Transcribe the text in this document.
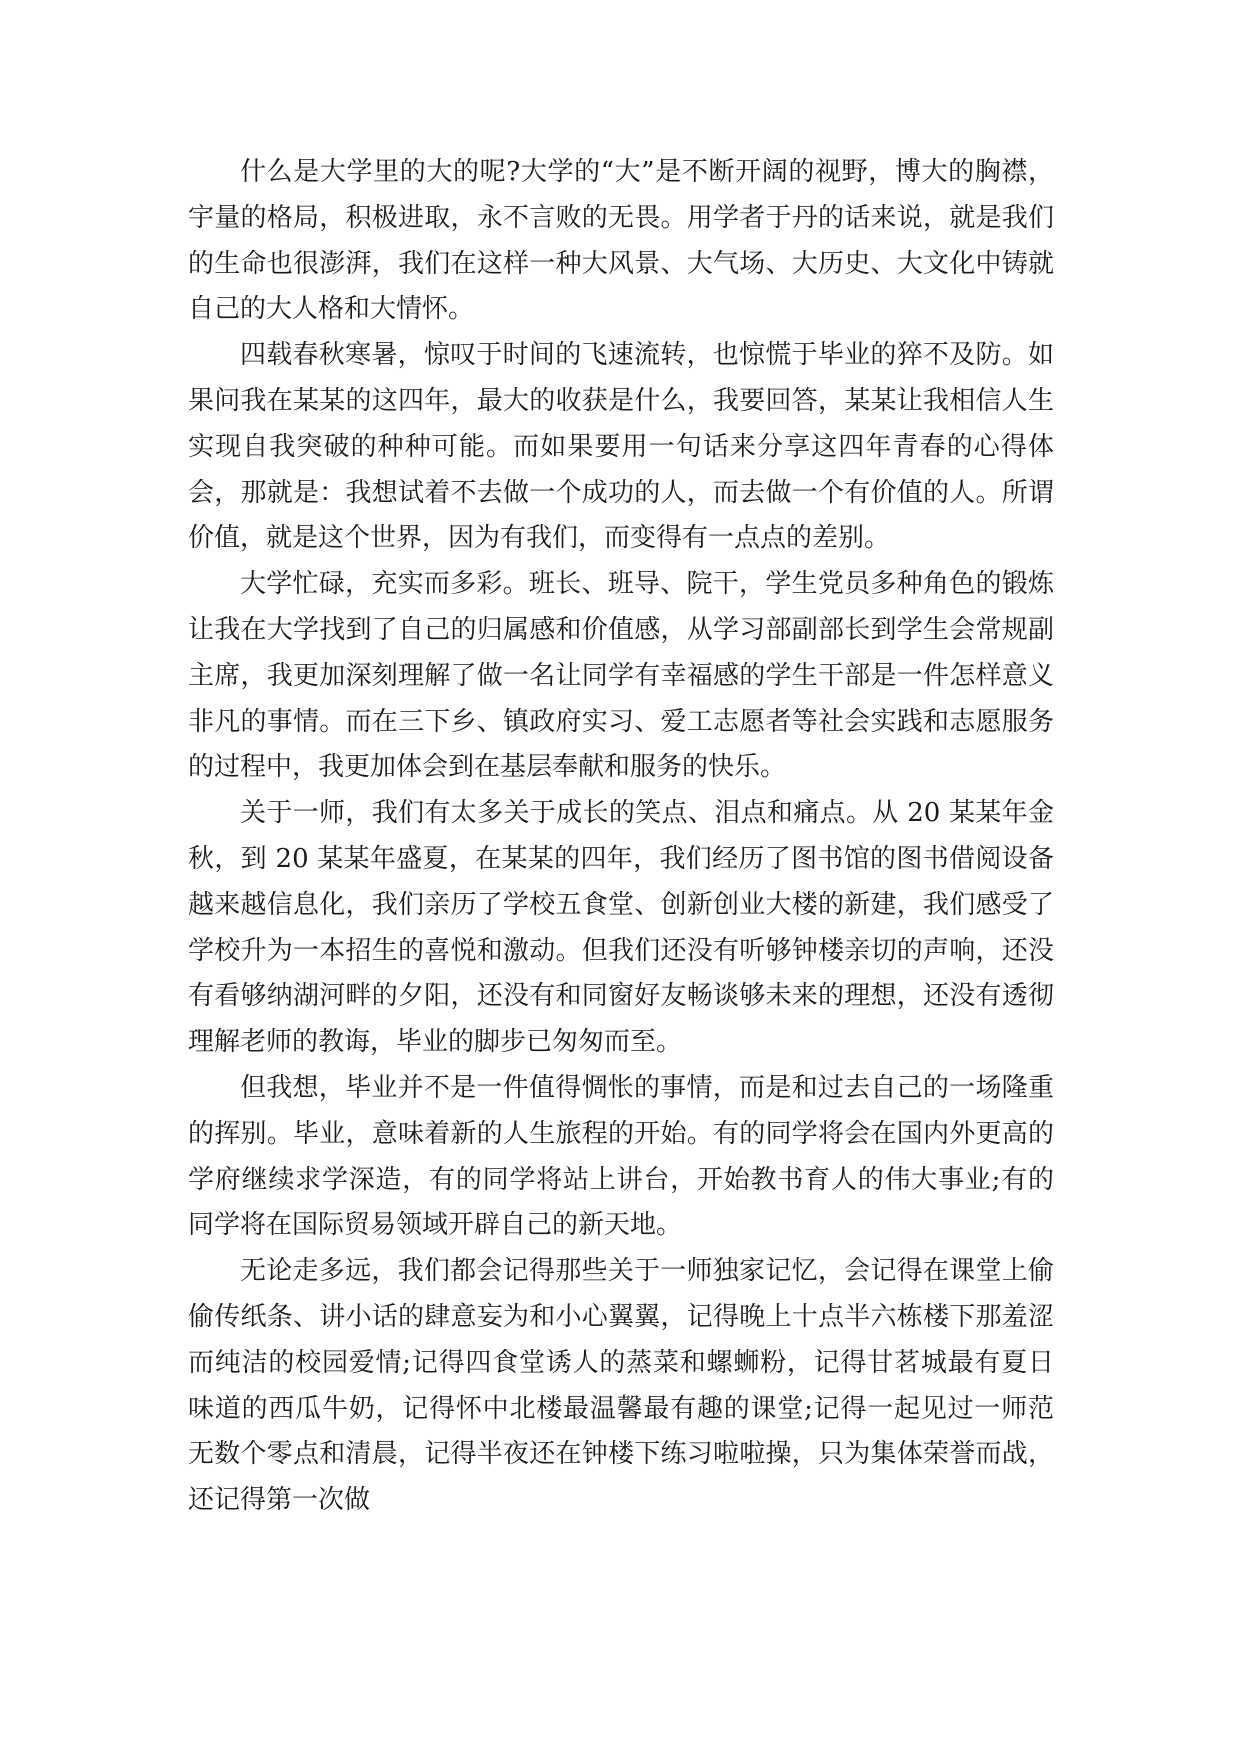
什么是大学里的大的呢?大学的“大”是不断开阔的视野，博大的胸襟，宇量的格局，积极进取，永不言败的无畏。用学者于丹的话来说，就是我们的生命也很澎湃，我们在这样一种大风景、大气场、大历史、大文化中铸就自己的大人格和大情怀。

四载春秋寒暑，惊叹于时间的飞速流转，也惊慌于毕业的猝不及防。如果问我在某某的这四年，最大的收获是什么，我要回答，某某让我相信人生实现自我突破的种种可能。而如果要用一句话来分享这四年青春的心得体会，那就是：我想试着不去做一个成功的人，而去做一个有价值的人。所谓价值，就是这个世界，因为有我们，而变得有一点点的差别。

大学忙碌，充实而多彩。班长、班导、院干，学生党员多种角色的锻炼让我在大学找到了自己的归属感和价值感，从学习部副部长到学生会常规副主席，我更加深刻理解了做一名让同学有幸福感的学生干部是一件怎样意义非凡的事情。而在三下乡、镇政府实习、爱工志愿者等社会实践和志愿服务的过程中，我更加体会到在基层奉献和服务的快乐。

关于一师，我们有太多关于成长的笑点、泪点和痛点。从 20 某某年金秋，到 20 某某年盛夏，在某某的四年，我们经历了图书馆的图书借阅设备越来越信息化，我们亲历了学校五食堂、创新创业大楼的新建，我们感受了学校升为一本招生的喜悦和激动。但我们还没有听够钟楼亲切的声响，还没有看够纳湖河畔的夕阳，还没有和同窗好友畅谈够未来的理想，还没有透彻理解老师的教诲，毕业的脚步已匆匆而至。

但我想，毕业并不是一件值得惆怅的事情，而是和过去自己的一场隆重的挥别。毕业，意味着新的人生旅程的开始。有的同学将会在国内外更高的学府继续求学深造，有的同学将站上讲台，开始教书育人的伟大事业;有的同学将在国际贸易领域开辟自己的新天地。

无论走多远，我们都会记得那些关于一师独家记忆，会记得在课堂上偷偷传纸条、讲小话的肆意妄为和小心翼翼，记得晚上十点半六栋楼下那羞涩而纯洁的校园爱情;记得四食堂诱人的蒸菜和螺蛳粉，记得甘茗城最有夏日味道的西瓜牛奶，记得怀中北楼最温馨最有趣的课堂;记得一起见过一师范无数个零点和清晨，记得半夜还在钟楼下练习啦啦操，只为集体荣誉而战，还记得第一次做
